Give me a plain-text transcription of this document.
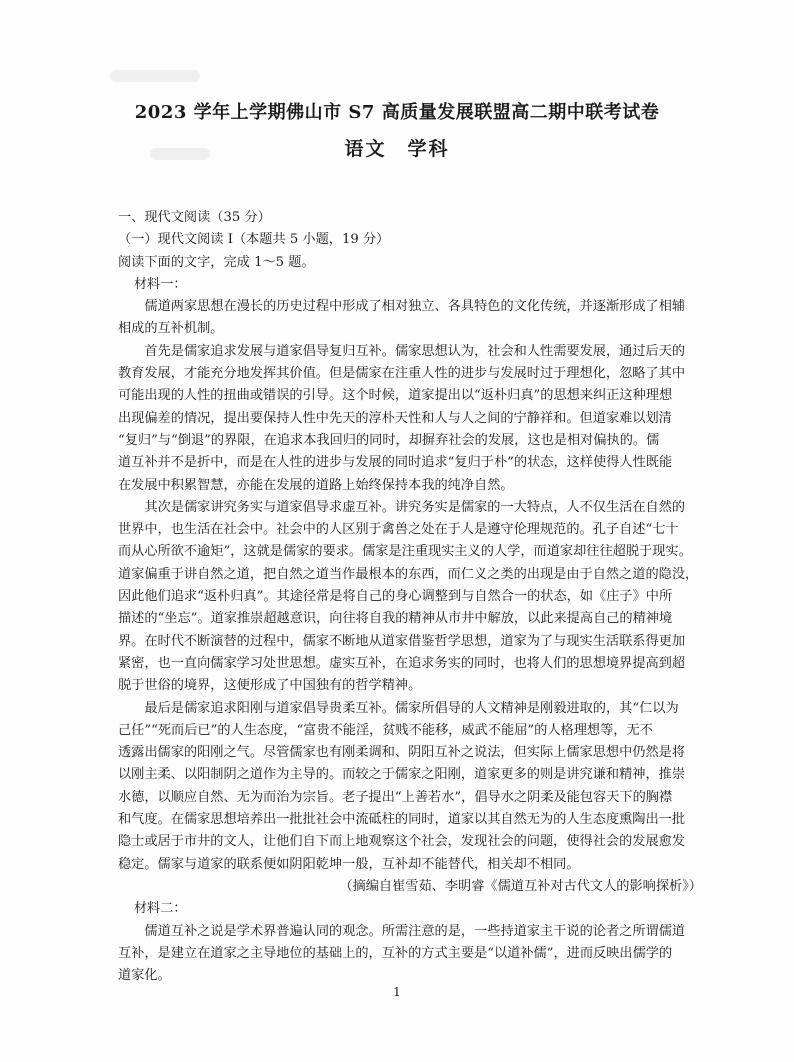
2023 学年上学期佛山市 S7 高质量发展联盟高二期中联考试卷
语文　学科
一、现代文阅读（35 分）
（一）现代文阅读 I（本题共 5 小题，19 分）
阅读下面的文字，完成 1～5 题。
材料一：
儒道两家思想在漫长的历史过程中形成了相对独立、各具特色的文化传统，并逐渐形成了相辅
相成的互补机制。
首先是儒家追求发展与道家倡导复归互补。儒家思想认为，社会和人性需要发展，通过后天的
教育发展，才能充分地发挥其价值。但是儒家在注重人性的进步与发展时过于理想化，忽略了其中
可能出现的人性的扭曲或错误的引导。这个时候，道家提出以“返朴归真”的思想来纠正这种理想
出现偏差的情况，提出要保持人性中先天的淳朴天性和人与人之间的宁静祥和。但道家难以划清
“复归”与“倒退”的界限，在追求本我回归的同时，却摒弃社会的发展，这也是相对偏执的。儒
道互补并不是折中，而是在人性的进步与发展的同时追求“复归于朴”的状态，这样使得人性既能
在发展中积累智慧，亦能在发展的道路上始终保持本我的纯净自然。
其次是儒家讲究务实与道家倡导求虚互补。讲究务实是儒家的一大特点，人不仅生活在自然的
世界中，也生活在社会中。社会中的人区别于禽兽之处在于人是遵守伦理规范的。孔子自述“七十
而从心所欲不逾矩”，这就是儒家的要求。儒家是注重现实主义的人学，而道家却往往超脱于现实。
道家偏重于讲自然之道，把自然之道当作最根本的东西，而仁义之类的出现是由于自然之道的隐没，
因此他们追求“返朴归真”。其途径常是将自己的身心调整到与自然合一的状态，如《庄子》中所
描述的“坐忘”。道家推崇超越意识，向往将自我的精神从市井中解放，以此来提高自己的精神境
界。在时代不断演替的过程中，儒家不断地从道家借鉴哲学思想，道家为了与现实生活联系得更加
紧密，也一直向儒家学习处世思想。虚实互补，在追求务实的同时，也将人们的思想境界提高到超
脱于世俗的境界，这便形成了中国独有的哲学精神。
最后是儒家追求阳刚与道家倡导贵柔互补。儒家所倡导的人文精神是刚毅进取的，其“仁以为
己任”“死而后已”的人生态度，“富贵不能淫，贫贱不能移，威武不能屈”的人格理想等，无不
透露出儒家的阳刚之气。尽管儒家也有刚柔调和、阴阳互补之说法，但实际上儒家思想中仍然是将
以刚主柔、以阳制阴之道作为主导的。而较之于儒家之阳刚，道家更多的则是讲究谦和精神，推崇
水德，以顺应自然、无为而治为宗旨。老子提出“上善若水”，倡导水之阴柔及能包容天下的胸襟
和气度。在儒家思想培养出一批批社会中流砥柱的同时，道家以其自然无为的人生态度熏陶出一批
隐士或居于市井的文人，让他们自下而上地观察这个社会，发现社会的问题，使得社会的发展愈发
稳定。儒家与道家的联系便如阴阳乾坤一般，互补却不能替代，相关却不相同。
（摘编自崔雪茹、李明睿《儒道互补对古代文人的影响探析》）
材料二：
儒道互补之说是学术界普遍认同的观念。所需注意的是，一些持道家主干说的论者之所谓儒道
互补，是建立在道家之主导地位的基础上的，互补的方式主要是“以道补儒”，进而反映出儒学的
道家化。
1
